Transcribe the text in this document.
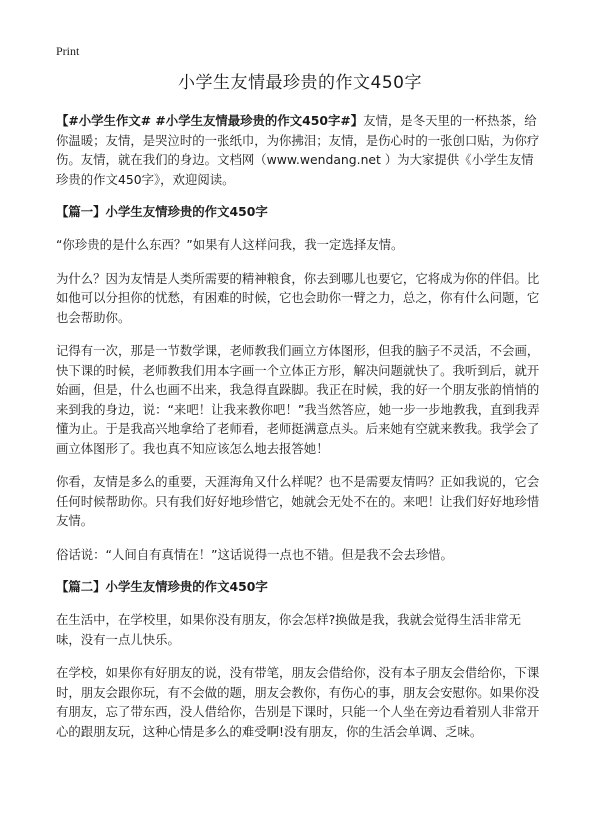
Print
小学生友情最珍贵的作文450字
【#小学生作文# #小学生友情最珍贵的作文450字#】友情，是冬天里的一杯热茶，给你温暖；友情，是哭泣时的一张纸巾，为你拂泪；友情，是伤心时的一张创口贴，为你疗伤。友情，就在我们的身边。文档网（www.wendang.net ）为大家提供《小学生友情珍贵的作文450字》，欢迎阅读。
【篇一】小学生友情珍贵的作文450字

“你珍贵的是什么东西？”如果有人这样问我，我一定选择友情。

为什么？因为友情是人类所需要的精神粮食，你去到哪儿也要它，它将成为你的伴侣。比如他可以分担你的忧愁，有困难的时候，它也会助你一臂之力，总之，你有什么问题，它也会帮助你。

记得有一次，那是一节数学课，老师教我们画立方体图形，但我的脑子不灵活，不会画，快下课的时候，老师教我们用本字画一个立体正方形，解决问题就快了。我听到后，就开始画，但是，什么也画不出来，我急得直跺脚。我正在时候，我的好一个朋友张韵悄悄的来到我的身边，说：“来吧！让我来教你吧！”我当然答应，她一步一步地教我，直到我弄懂为止。于是我高兴地拿给了老师看，老师挺满意点头。后来她有空就来教我。我学会了画立体图形了。我也真不知应该怎么地去报答她！

你看，友情是多么的重要，天涯海角又什么样呢？也不是需要友情吗？正如我说的，它会任何时候帮助你。只有我们好好地珍惜它，她就会无处不在的。来吧！让我们好好地珍惜友情。

俗话说：“人间自有真情在！”这话说得一点也不错。但是我不会去珍惜。

【篇二】小学生友情珍贵的作文450字

在生活中，在学校里，如果你没有朋友，你会怎样?换做是我，我就会觉得生活非常无味，没有一点儿快乐。

在学校，如果你有好朋友的说，没有带笔，朋友会借给你，没有本子朋友会借给你，下课时，朋友会跟你玩，有不会做的题，朋友会教你，有伤心的事，朋友会安慰你。如果你没有朋友，忘了带东西，没人借给你，告别是下课时，只能一个人坐在旁边看着别人非常开心的跟朋友玩，这种心情是多么的难受啊!没有朋友，你的生活会单调、乏味。
